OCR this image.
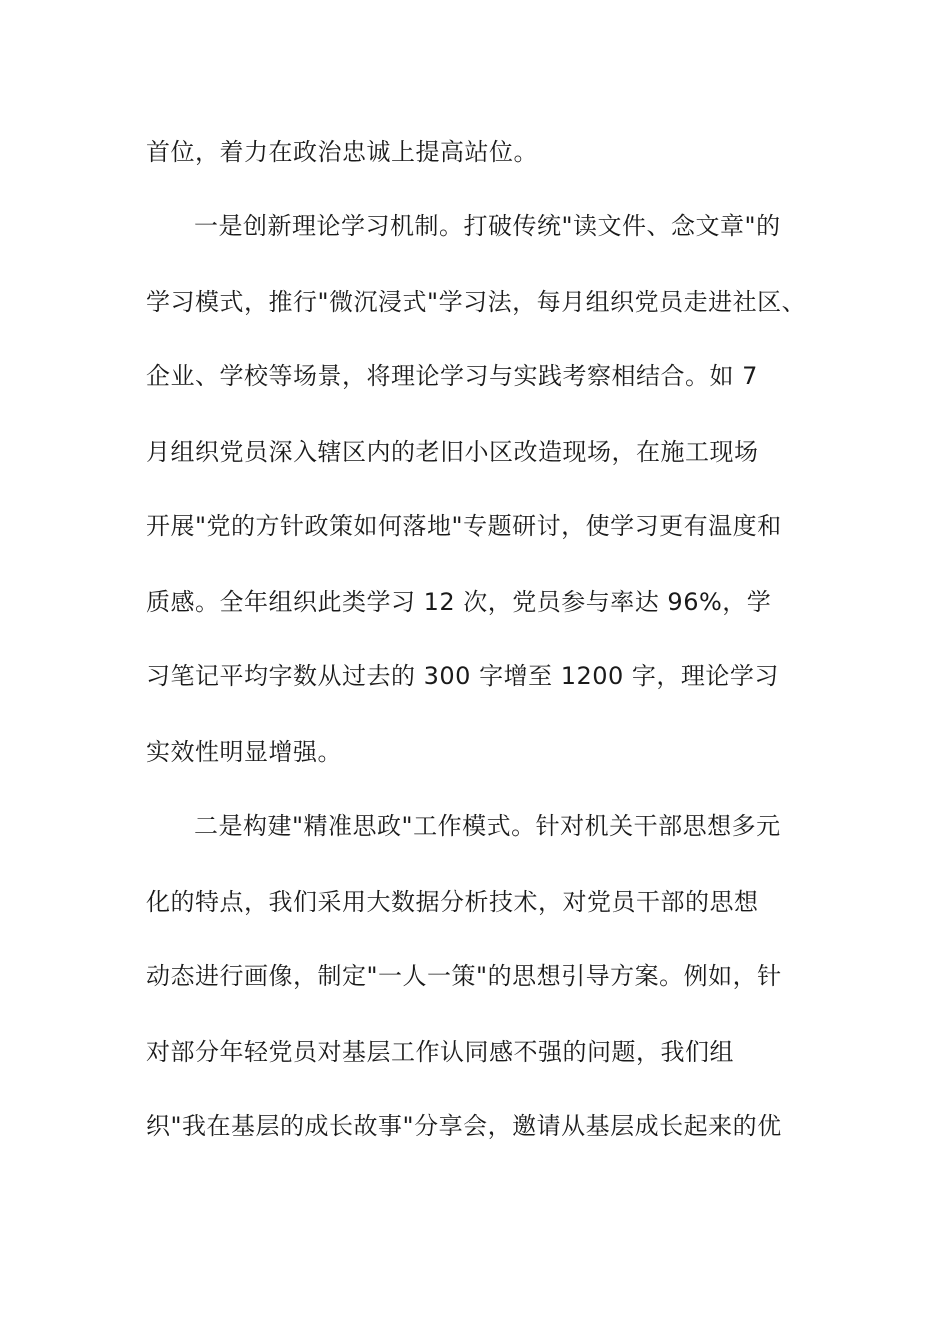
首位，着力在政治忠诚上提高站位。
一是创新理论学习机制。打破传统"读文件、念文章"的
学习模式，推行"微沉浸式"学习法，每月组织党员走进社区、
企业、学校等场景，将理论学习与实践考察相结合。如 7
月组织党员深入辖区内的老旧小区改造现场，在施工现场
开展"党的方针政策如何落地"专题研讨，使学习更有温度和
质感。全年组织此类学习 12 次，党员参与率达 96%，学
习笔记平均字数从过去的 300 字增至 1200 字，理论学习
实效性明显增强。
二是构建"精准思政"工作模式。针对机关干部思想多元
化的特点，我们采用大数据分析技术，对党员干部的思想
动态进行画像，制定"一人一策"的思想引导方案。例如，针
对部分年轻党员对基层工作认同感不强的问题，我们组
织"我在基层的成长故事"分享会，邀请从基层成长起来的优
